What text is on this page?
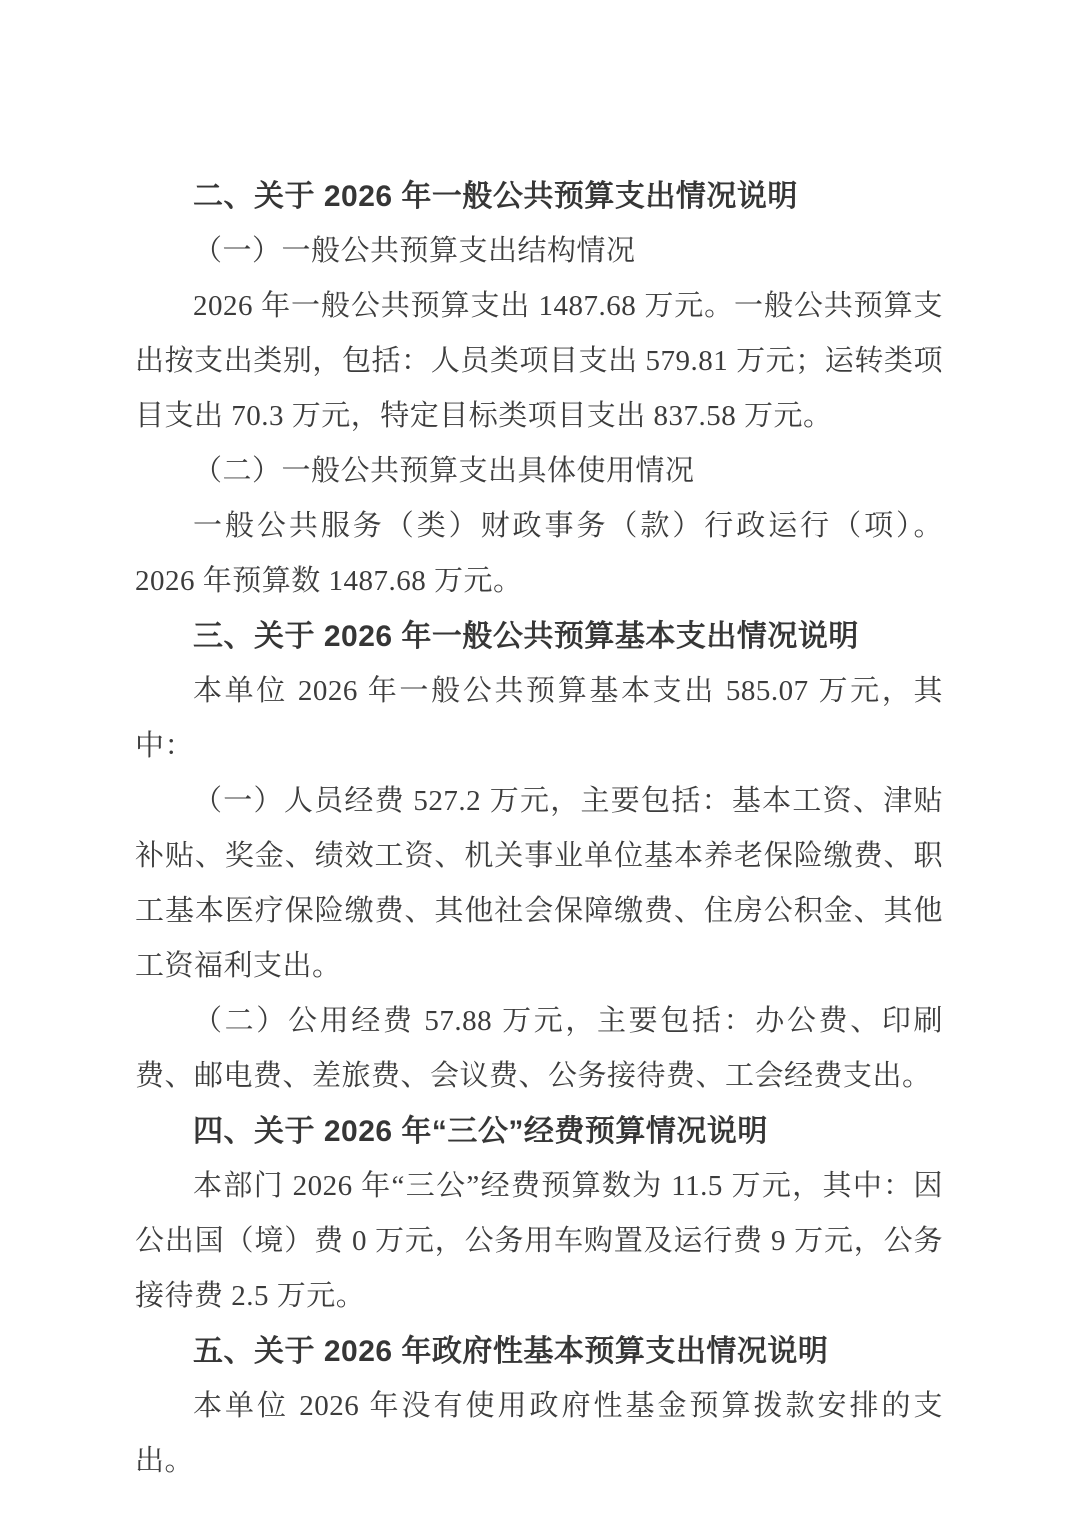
二、关于 2026 年一般公共预算支出情况说明

（一）一般公共预算支出结构情况

2026 年一般公共预算支出 1487.68 万元。一般公共预算支出按支出类别，包括：人员类项目支出 579.81 万元；运转类项目支出 70.3 万元，特定目标类项目支出 837.58 万元。

（二）一般公共预算支出具体使用情况

一般公共服务（类）财政事务（款）行政运行（项）。2026 年预算数 1487.68 万元。

三、关于 2026 年一般公共预算基本支出情况说明

本单位 2026 年一般公共预算基本支出 585.07 万元，其中：

（一）人员经费 527.2 万元，主要包括：基本工资、津贴补贴、奖金、绩效工资、机关事业单位基本养老保险缴费、职工基本医疗保险缴费、其他社会保障缴费、住房公积金、其他工资福利支出。

（二）公用经费 57.88 万元，主要包括：办公费、印刷费、邮电费、差旅费、会议费、公务接待费、工会经费支出。

四、关于 2026 年“三公”经费预算情况说明

本部门 2026 年“三公”经费预算数为 11.5 万元，其中：因公出国（境）费 0 万元，公务用车购置及运行费 9 万元，公务接待费 2.5 万元。

五、关于 2026 年政府性基本预算支出情况说明

本单位 2026 年没有使用政府性基金预算拨款安排的支出。
